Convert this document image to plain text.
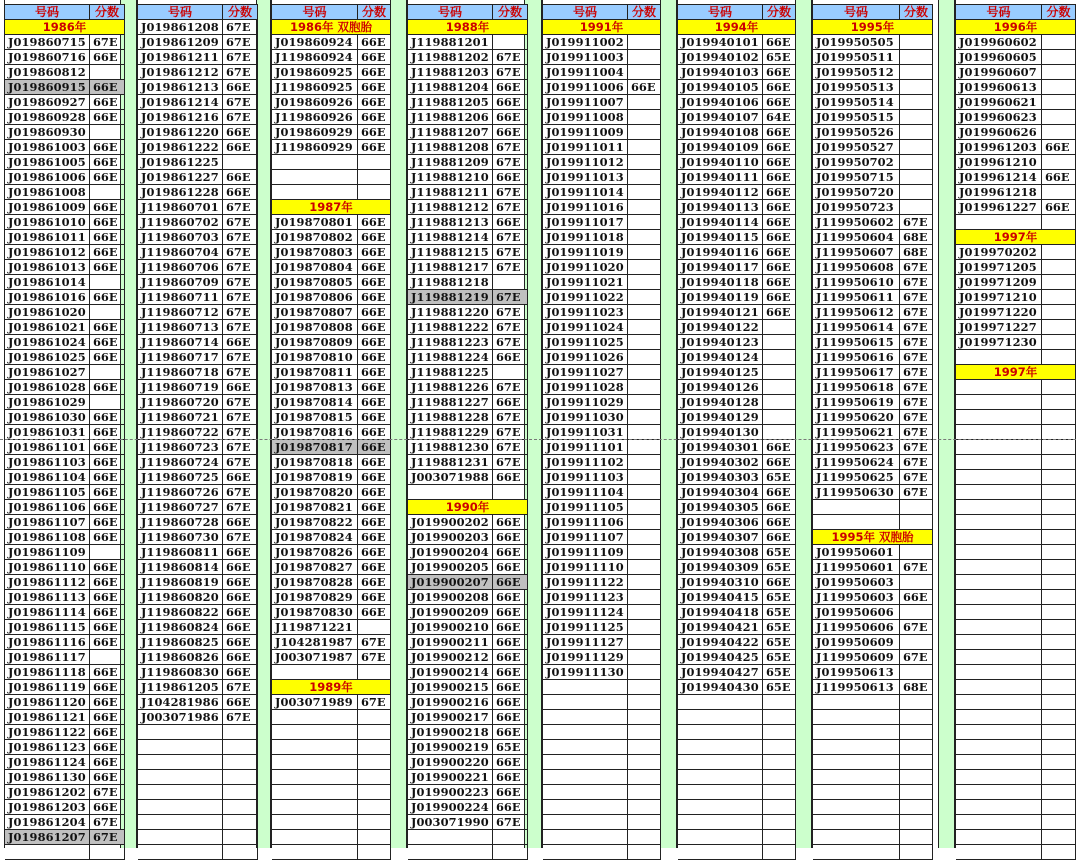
号码	分数
1986年
J019860715 67E
J019860716 66E
J019860812
J019860915 66E
J019860927 66E
J019860928 66E
J019860930
J019861003 66E
J019861005 66E
J019861006 66E
J019861008
J019861009 66E
J019861010 66E
J019861011 66E
J019861012 66E
J019861013 66E
J019861014
J019861016 66E
J019861020
J019861021 66E
J019861024 66E
J019861025 66E
J019861027
J019861028 66E
J019861029
J019861030 66E
J019861031 66E
J019861101 66E
J019861103 66E
J019861104 66E
J019861105 66E
J019861106 66E
J019861107 66E
J019861108 66E
J019861109
J019861110 66E
J019861112 66E
J019861113 66E
J019861114 66E
J019861115 66E
J019861116 66E
J019861117
J019861118 66E
J019861119 66E
J019861120 66E
J019861121 66E
J019861122 66E
J019861123 66E
J019861124 66E
J019861130 66E
J019861202 67E
J019861203 66E
J019861204 67E
J019861207 67E
号码	分数
J019861208 67E
J019861209 67E
J019861211 67E
J019861212 67E
J019861213 66E
J019861214 67E
J019861216 67E
J019861220 66E
J019861222 66E
J019861225
J019861227 66E
J019861228 66E
J119860701 67E
J119860702 67E
J119860703 67E
J119860704 67E
J119860706 67E
J119860709 67E
J119860711 67E
J119860712 67E
J119860713 67E
J119860714 66E
J119860717 67E
J119860718 67E
J119860719 66E
J119860720 67E
J119860721 67E
J119860722 67E
J119860723 67E
J119860724 67E
J119860725 66E
J119860726 67E
J119860727 67E
J119860728 66E
J119860730 67E
J119860811 66E
J119860814 66E
J119860819 66E
J119860820 66E
J119860822 66E
J119860824 66E
J119860825 66E
J119860826 66E
J119860830 66E
J119861205 67E
J104281986 66E
J003071986 67E
号码	分数
1986年 双胞胎
J019860924 66E
J119860924 66E
J019860925 66E
J119860925 66E
J019860926 66E
J119860926 66E
J019860929 66E
J119860929 66E
1987年
J019870801 66E
J019870802 66E
J019870803 66E
J019870804 66E
J019870805 66E
J019870806 66E
J019870807 66E
J019870808 66E
J019870809 66E
J019870810 66E
J019870811 66E
J019870813 66E
J019870814 66E
J019870815 66E
J019870816 66E
J019870817 66E
J019870818 66E
J019870819 66E
J019870820 66E
J019870821 66E
J019870822 66E
J019870824 66E
J019870826 66E
J019870827 66E
J019870828 66E
J019870829 66E
J019870830 66E
J119871221
J104281987 67E
J003071987 67E
1989年
J003071989 67E
号码	分数
1988年
J119881201
J119881202 67E
J119881203 67E
J119881204 66E
J119881205 66E
J119881206 66E
J119881207 66E
J119881208 67E
J119881209 67E
J119881210 66E
J119881211 67E
J119881212 67E
J119881213 66E
J119881214 67E
J119881215 67E
J119881217 67E
J119881218
J119881219 67E
J119881220 67E
J119881222 67E
J119881223 67E
J119881224 66E
J119881225
J119881226 67E
J119881227 66E
J119881228 67E
J119881229 67E
J119881230 67E
J119881231 67E
J003071988 66E
1990年
J019900202 66E
J019900203 66E
J019900204 66E
J019900205 66E
J019900207 66E
J019900208 66E
J019900209 66E
J019900210 66E
J019900211 66E
J019900212 66E
J019900214 66E
J019900215 66E
J019900216 66E
J019900217 66E
J019900218 66E
J019900219 65E
J019900220 66E
J019900221 66E
J019900223 66E
J019900224 66E
J003071990 67E
号码	分数
1991年
J019911002
J019911003
J019911004
J019911006 66E
J019911007
J019911008
J019911009
J019911011
J019911012
J019911013
J019911014
J019911016
J019911017
J019911018
J019911019
J019911020
J019911021
J019911022
J019911023
J019911024
J019911025
J019911026
J019911027
J019911028
J019911029
J019911030
J019911031
J019911101
J019911102
J019911103
J019911104
J019911105
J019911106
J019911107
J019911109
J019911110
J019911122
J019911123
J019911124
J019911125
J019911127
J019911129
J019911130
号码	分数
1994年
J019940101 66E
J019940102 65E
J019940103 66E
J019940105 66E
J019940106 66E
J019940107 64E
J019940108 66E
J019940109 66E
J019940110 66E
J019940111 66E
J019940112 66E
J019940113 66E
J019940114 66E
J019940115 66E
J019940116 66E
J019940117 66E
J019940118 66E
J019940119 66E
J019940121 66E
J019940122
J019940123
J019940124
J019940125
J019940126
J019940128
J019940129
J019940130
J019940301 66E
J019940302 66E
J019940303 65E
J019940304 66E
J019940305 66E
J019940306 66E
J019940307 66E
J019940308 65E
J019940309 65E
J019940310 66E
J019940415 65E
J019940418 65E
J019940421 65E
J019940422 65E
J019940425 65E
J019940427 65E
J019940430 65E
号码	分数
1995年
J019950505
J019950511
J019950512
J019950513
J019950514
J019950515
J019950526
J019950527
J019950702
J019950715
J019950720
J019950723
J119950602 67E
J119950604 68E
J119950607 68E
J119950608 67E
J119950610 67E
J119950611 67E
J119950612 67E
J119950614 67E
J119950615 67E
J119950616 67E
J119950617 67E
J119950618 67E
J119950619 67E
J119950620 67E
J119950621 67E
J119950623 67E
J119950624 67E
J119950625 67E
J119950630 67E
1995年 双胞胎
J019950601
J119950601 67E
J019950603
J119950603 66E
J019950606
J119950606 67E
J019950609
J119950609 67E
J019950613
J119950613 68E
号码	分数
1996年
J019960602
J019960605
J019960607
J019960613
J019960621
J019960623
J019960626
J019961203 66E
J019961210
J019961214 66E
J019961218
J019961227 66E
1997年
J019970202
J019971205
J019971209
J019971210
J019971220
J019971227
J019971230
1997年
